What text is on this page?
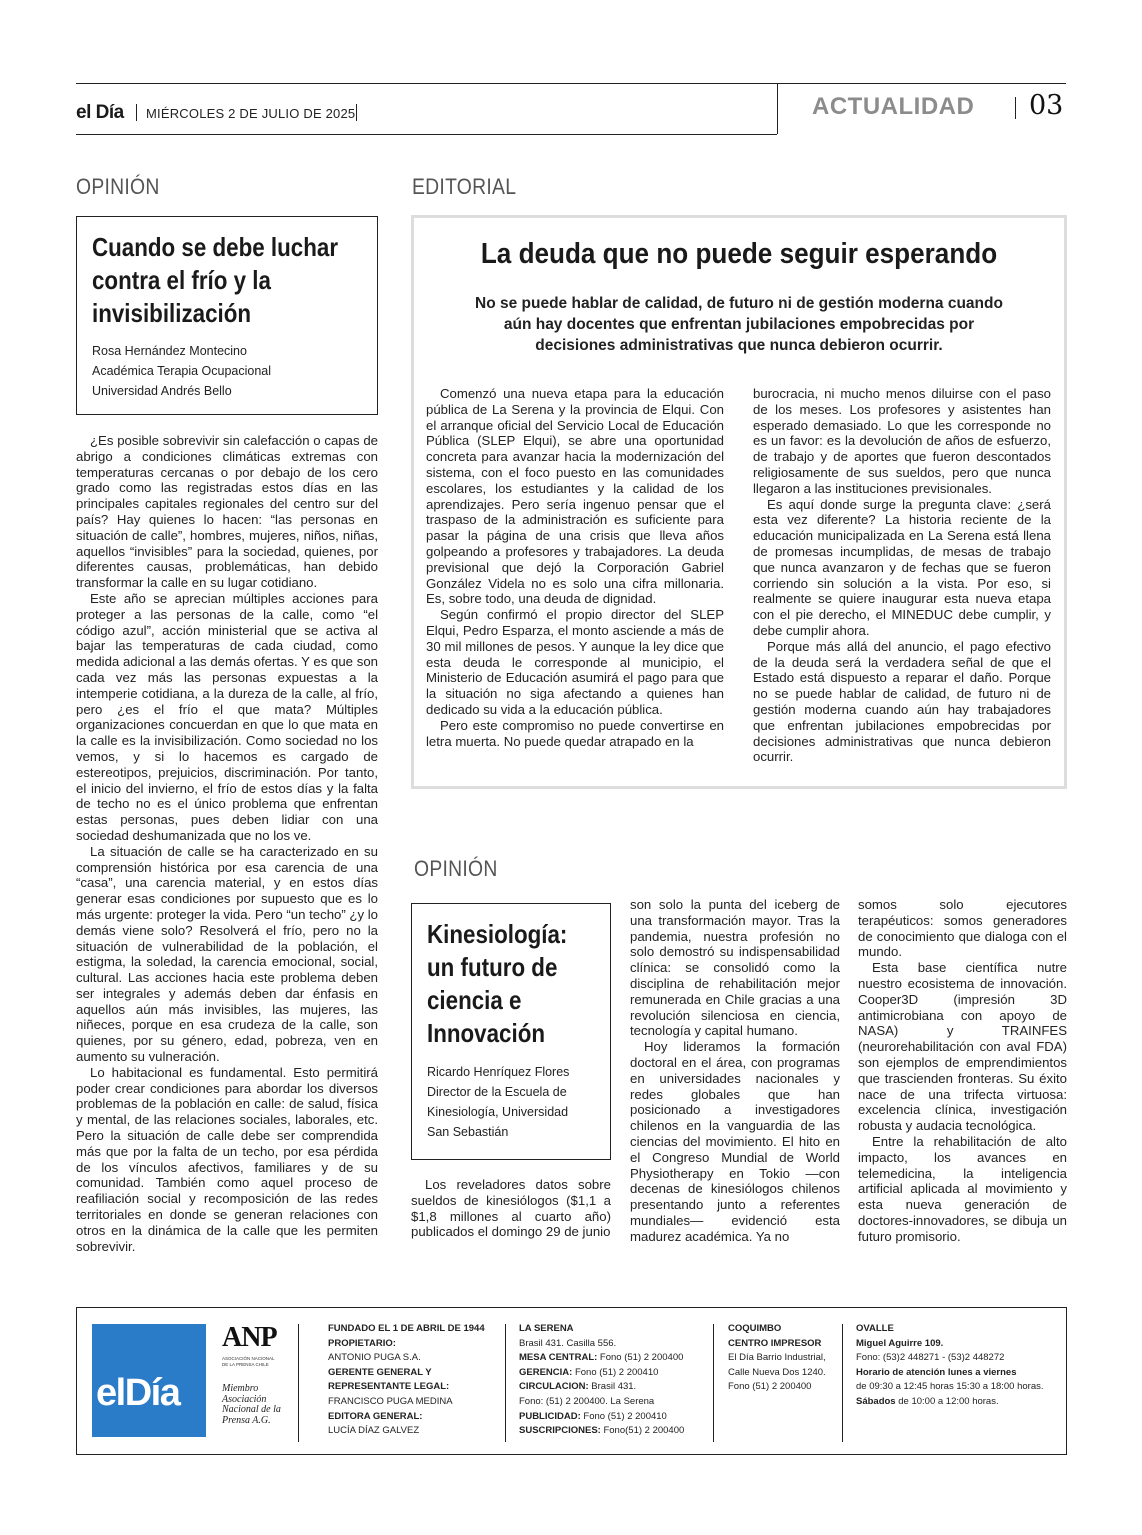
el Día MIÉRCOLES 2 DE JULIO DE 2025	ACTUALIDAD 03
OPINIÓN
Cuando se debe luchar contra el frío y la invisibilización
Rosa Hernández Montecino
Académica Terapia Ocupacional
Universidad Andrés Bello

¿Es posible sobrevivir sin calefacción o capas de abrigo a condiciones climáticas extremas con temperaturas cercanas o por debajo de los cero grado como las registradas estos días en las principales capitales regionales del centro sur del país? Hay quienes lo hacen: “las personas en situación de calle”, hombres, mujeres, niños, niñas, aquellos “invisibles” para la sociedad, quienes, por diferentes causas, problemáticas, han debido transformar la calle en su lugar cotidiano.

Este año se aprecian múltiples acciones para proteger a las personas de la calle, como “el código azul”, acción ministerial que se activa al bajar las temperaturas de cada ciudad, como medida adicional a las demás ofertas. Y es que son cada vez más las personas expuestas a la intemperie cotidiana, a la dureza de la calle, al frío, pero ¿es el frío el que mata? Múltiples organizaciones concuerdan en que lo que mata en la calle es la invisibilización. Como sociedad no los vemos, y si lo hacemos es cargado de estereotipos, prejuicios, discriminación. Por tanto, el inicio del invierno, el frío de estos días y la falta de techo no es el único problema que enfrentan estas personas, pues deben lidiar con una sociedad deshumanizada que no los ve.

La situación de calle se ha caracterizado en su comprensión histórica por esa carencia de una “casa”, una carencia material, y en estos días generar esas condiciones por supuesto que es lo más urgente: proteger la vida. Pero “un techo” ¿y lo demás viene solo? Resolverá el frío, pero no la situación de vulnerabilidad de la población, el estigma, la soledad, la carencia emocional, social, cultural. Las acciones hacia este problema deben ser integrales y además deben dar énfasis en aquellos aún más invisibles, las mujeres, las niñeces, porque en esa crudeza de la calle, son quienes, por su género, edad, pobreza, ven en aumento su vulneración.

Lo habitacional es fundamental. Esto permitirá poder crear condiciones para abordar los diversos problemas de la población en calle: de salud, física y mental, de las relaciones sociales, laborales, etc. Pero la situación de calle debe ser comprendida más que por la falta de un techo, por esa pérdida de los vínculos afectivos, familiares y de su comunidad. También como aquel proceso de reafiliación social y recomposición de las redes territoriales en donde se generan relaciones con otros en la dinámica de la calle que les permiten sobrevivir.

EDITORIAL
La deuda que no puede seguir esperando
No se puede hablar de calidad, de futuro ni de gestión moderna cuando aún hay docentes que enfrentan jubilaciones empobrecidas por decisiones administrativas que nunca debieron ocurrir.

Comenzó una nueva etapa para la educación pública de La Serena y la provincia de Elqui. Con el arranque oficial del Servicio Local de Educación Pública (SLEP Elqui), se abre una oportunidad concreta para avanzar hacia la modernización del sistema, con el foco puesto en las comunidades escolares, los estudiantes y la calidad de los aprendizajes. Pero sería ingenuo pensar que el traspaso de la administración es suficiente para pasar la página de una crisis que lleva años golpeando a profesores y trabajadores. La deuda previsional que dejó la Corporación Gabriel González Videla no es solo una cifra millonaria. Es, sobre todo, una deuda de dignidad.

Según confirmó el propio director del SLEP Elqui, Pedro Esparza, el monto asciende a más de 30 mil millones de pesos. Y aunque la ley dice que esta deuda le corresponde al municipio, el Ministerio de Educación asumirá el pago para que la situación no siga afectando a quienes han dedicado su vida a la educación pública.

Pero este compromiso no puede convertirse en letra muerta. No puede quedar atrapado en la

burocracia, ni mucho menos diluirse con el paso de los meses. Los profesores y asistentes han esperado demasiado. Lo que les corresponde no es un favor: es la devolución de años de esfuerzo, de trabajo y de aportes que fueron descontados religiosamente de sus sueldos, pero que nunca llegaron a las instituciones previsionales.

Es aquí donde surge la pregunta clave: ¿será esta vez diferente? La historia reciente de la educación municipalizada en La Serena está llena de promesas incumplidas, de mesas de trabajo que nunca avanzaron y de fechas que se fueron corriendo sin solución a la vista. Por eso, si realmente se quiere inaugurar esta nueva etapa con el pie derecho, el MINEDUC debe cumplir, y debe cumplir ahora.

Porque más allá del anuncio, el pago efectivo de la deuda será la verdadera señal de que el Estado está dispuesto a reparar el daño. Porque no se puede hablar de calidad, de futuro ni de gestión moderna cuando aún hay trabajadores que enfrentan jubilaciones empobrecidas por decisiones administrativas que nunca debieron ocurrir.

OPINIÓN
Kinesiología: un futuro de ciencia e Innovación
Ricardo Henríquez Flores
Director de la Escuela de
Kinesiología, Universidad
San Sebastián

Los reveladores datos sobre sueldos de kinesiólogos ($1,1 a $1,8 millones al cuarto año) publicados el domingo 29 de junio

son solo la punta del iceberg de una transformación mayor. Tras la pandemia, nuestra profesión no solo demostró su indispensabilidad clínica: se consolidó como la disciplina de rehabilitación mejor remunerada en Chile gracias a una revolución silenciosa en ciencia, tecnología y capital humano.

Hoy lideramos la formación doctoral en el área, con programas en universidades nacionales y redes globales que han posicionado a investigadores chilenos en la vanguardia de las ciencias del movimiento. El hito en el Congreso Mundial de World Physiotherapy en Tokio —con decenas de kinesiólogos chilenos presentando junto a referentes mundiales— evidenció esta madurez académica. Ya no

somos solo ejecutores terapéuticos: somos generadores de conocimiento que dialoga con el mundo.

Esta base científica nutre nuestro ecosistema de innovación. Cooper3D (impresión 3D antimicrobiana con apoyo de NASA) y TRAINFES (neurorehabilitación con aval FDA) son ejemplos de emprendimientos que trascienden fronteras. Su éxito nace de una trifecta virtuosa: excelencia clínica, investigación robusta y audacia tecnológica.

Entre la rehabilitación de alto impacto, los avances en telemedicina, la inteligencia artificial aplicada al movimiento y esta nueva generación de doctores-innovadores, se dibuja un futuro promisorio.

elDía
ANP
ASOCIACIÓN NACIONAL DE LA PRENSA CHILE
Miembro Asociación Nacional de la Prensa A.G.
FUNDADO EL 1 DE ABRIL DE 1944
PROPIETARIO:
ANTONIO PUGA S.A.
GERENTE GENERAL Y
REPRESENTANTE LEGAL:
FRANCISCO PUGA MEDINA
EDITORA GENERAL:
LUCÍA DÍAZ GALVEZ
LA SERENA
Brasil 431. Casilla 556.
MESA CENTRAL: Fono (51) 2 200400
GERENCIA: Fono (51) 2 200410
CIRCULACION: Brasil 431.
Fono: (51) 2 200400. La Serena
PUBLICIDAD: Fono (51) 2 200410
SUSCRIPCIONES: Fono(51) 2 200400
COQUIMBO
CENTRO IMPRESOR
El Día Barrio Industrial,
Calle Nueva Dos 1240.
Fono (51) 2 200400
OVALLE
Miguel Aguirre 109.
Fono: (53)2 448271 - (53)2 448272
Horario de atención lunes a viernes
de 09:30 a 12:45 horas 15:30 a 18:00 horas.
Sábados de 10:00 a 12:00 horas.
